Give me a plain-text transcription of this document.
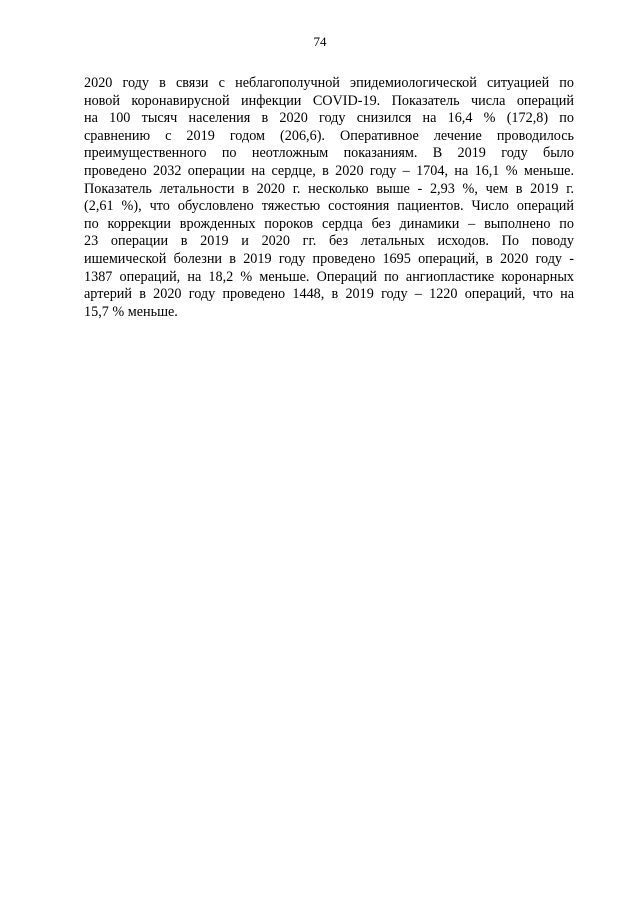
74
2020 году в связи с неблагополучной эпидемиологической ситуацией по
новой коронавирусной инфекции COVID-19. Показатель числа операций
на 100 тысяч населения в 2020 году снизился на 16,4 % (172,8) по
сравнению с 2019 годом (206,6). Оперативное лечение проводилось
преимущественного по неотложным показаниям. В 2019 году было
проведено 2032 операции на сердце, в 2020 году – 1704, на 16,1 % меньше.
Показатель летальности в 2020 г. несколько выше - 2,93 %, чем в 2019 г.
(2,61 %), что обусловлено тяжестью состояния пациентов. Число операций
по коррекции врожденных пороков сердца без динамики – выполнено по
23 операции в 2019 и 2020 гг. без летальных исходов. По поводу
ишемической болезни в 2019 году проведено 1695 операций, в 2020 году -
1387 операций, на 18,2 % меньше. Операций по ангиопластике коронарных
артерий в 2020 году проведено 1448, в 2019 году – 1220 операций, что на
15,7 % меньше.
